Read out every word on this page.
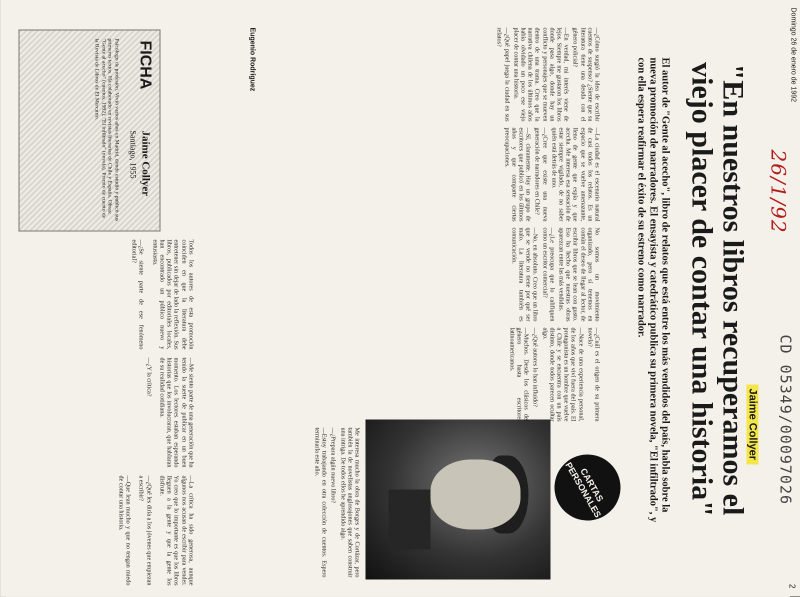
Domingo 26 de enero de 1992
2
26/1/92
CD 05349/00097026
Jaime Collyer
"En nuestros libros recuperamos el viejo placer de contar una historia"
El autor de "Gente al acecho", libro de relatos que está entre los más vendidos del país, habla sobre la nueva promoción de narradores. El ensayista y catedrático publica su primera novela, "El infiltrado", y con ella espera reafirmar el éxito de su estreno como narrador.
CARTAS PERSONALES

—¿Cómo surgió la idea de escribir cuentos de suspenso? ¿Siente que su literatura tiene una deuda con el género policial?

—En verdad, mi interés viene de lejos. Siempre me gustaron los libros donde pasa algo, donde hay un conflicto y personajes que se mueven dentro de una trama. Creo que la narrativa chilena de los últimos años había olvidado un poco ese viejo placer de contar una historia.

—¿Qué papel juega la ciudad en sus relatos?

—La ciudad es el escenario natural de casi todos los relatos. Es un espacio que se vuelve amenazante, lleno de gente que espía y que acecha. Me interesa esa sensación de estar siempre vigilado, de no saber quién está detrás de uno.

—¿Cree que existe una nueva generación de narradores en Chile?

—Sí, claramente. Hay un grupo de escritores que publicó en los últimos años y que comparte ciertas preocupaciones.

No somos un movimiento organizado, pero sí tenemos en común el deseo de llegar al lector, de escribir libros que se lean con gusto. Eso ha hecho que nuestras obras aparezcan entre las más vendidas.

—¿Le preocupa que lo califiquen como un escritor comercial?

—No, en absoluto. Creo que un libro que se vende no tiene por qué ser malo. La literatura también es comunicación.

—¿Cuál es el origen de su primera novela?

—Nace de una experiencia personal, de los años que viví fuera del país. El protagonista es un hombre que vuelve a Chile y se encuentra con un país distinto, donde todos parecen ocultar algo.

—¿Qué autores lo han influido?

—Muchos. Desde los clásicos del género hasta escritores latinoamericanos.

Me interesa mucho la obra de Borges y de Cortázar, pero también la de novelistas anglosajones que saben construir una intriga. De todos ellos he aprendido algo.

—¿Prepara algún nuevo libro?

—Estoy trabajando en otra colección de cuentos. Espero terminarla este año.

Eugenio Rodríguez
FICHA
Jaime Collyer
Santiago, 1955
Psicólogo de profesión. Vivió varios años en Madrid, donde estudió y publicó sus primeros textos. Ha colaborado en revistas literarias de Chile y España. Obras: "Gente al acecho" (cuentos, 1992), "El infiltrado" (novela). Premio de cuento de la Revista de Libros de El Mercurio.

Todos los autores de esta promoción coinciden en que la literatura debe entretener sin dejar de lado la reflexión. Sus libros, publicados por editoriales locales, han encontrado un público nuevo y entusiasta.

—¿Se siente parte de ese fenómeno editorial?

—Me siento parte de una generación que ha tenido la suerte de publicar en un buen momento. Los lectores estaban esperando historias que los involucraran, que hablaran de su realidad cotidiana.

—¿Y la crítica?

—La crítica ha sido generosa, aunque algunos nos acusan de escribir para vender. Yo creo que lo importante es que los libros lleguen a la gente y que la gente los disfrute.

—¿Qué les diría a los jóvenes que empiezan a escribir?

—Que lean mucho y que no tengan miedo de contar una historia.
